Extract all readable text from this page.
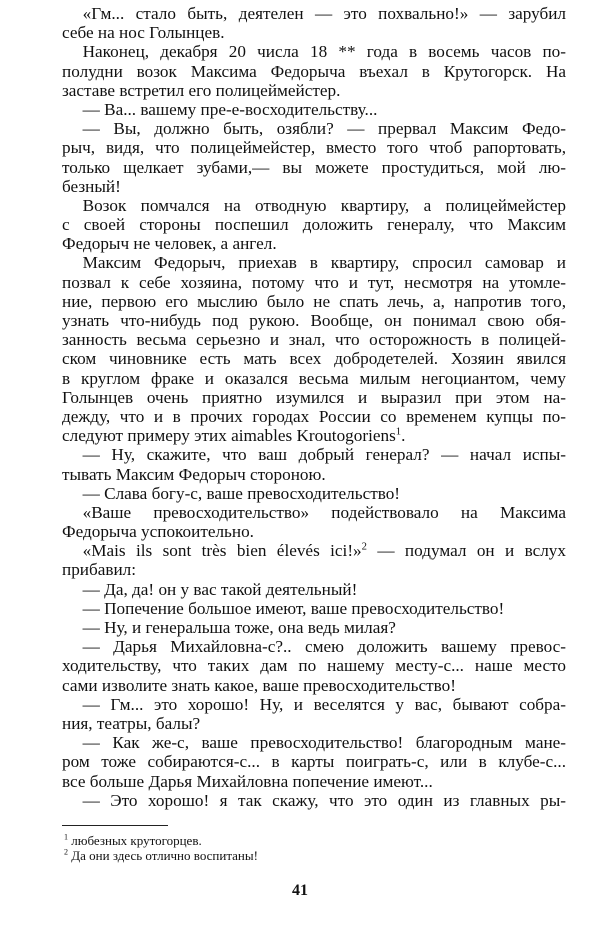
«Гм... стало быть, деятелен — это похвально!» — зарубил
себе на нос Голынцев.
Наконец, декабря 20 числа 18 ** года в восемь часов по-
полудни возок Максима Федорыча въехал в Крутогорск. На
заставе встретил его полицеймейстер.
— Ва... вашему пре-е-восходительству...
— Вы, должно быть, озябли? — прервал Максим Федо-
рыч, видя, что полицеймейстер, вместо того чтоб рапортовать,
только щелкает зубами,— вы можете простудиться, мой лю-
безный!
Возок помчался на отводную квартиру, а полицеймейстер
с своей стороны поспешил доложить генералу, что Максим
Федорыч не человек, а ангел.
Максим Федорыч, приехав в квартиру, спросил самовар и
позвал к себе хозяина, потому что и тут, несмотря на утомле-
ние, первою его мыслию было не спать лечь, а, напротив того,
узнать что-нибудь под рукою. Вообще, он понимал свою обя-
занность весьма серьезно и знал, что осторожность в полицей-
ском чиновнике есть мать всех добродетелей. Хозяин явился
в круглом фраке и оказался весьма милым негоциантом, чему
Голынцев очень приятно изумился и выразил при этом на-
дежду, что и в прочих городах России со временем купцы по-
следуют примеру этих aimables Kroutogoriens$^1$.
— Ну, скажите, что ваш добрый генерал? — начал испы-
тывать Максим Федорыч стороною.
— Слава богу-с, ваше превосходительство!
«Ваше превосходительство» подействовало на Максима
Федорыча успокоительно.
«Mais ils sont très bien élevés ici!»$^2$ — подумал он и вслух
прибавил:
— Да, да! он у вас такой деятельный!
— Попечение большое имеют, ваше превосходительство!
— Ну, и генеральша тоже, она ведь милая?
— Дарья Михайловна-с?.. смею доложить вашему превос-
ходительству, что таких дам по нашему месту-с... наше место
сами изволите знать какое, ваше превосходительство!
— Гм... это хорошо! Ну, и веселятся у вас, бывают собра-
ния, театры, балы?
— Как же-с, ваше превосходительство! благородным мане-
ром тоже собираются-с... в карты поиграть-с, или в клубе-с...
все больше Дарья Михайловна попечение имеют...
— Это хорошо! я так скажу, что это один из главных ры-
$^1$ любезных крутогорцев.
$^2$ Да они здесь отлично воспитаны!
41
